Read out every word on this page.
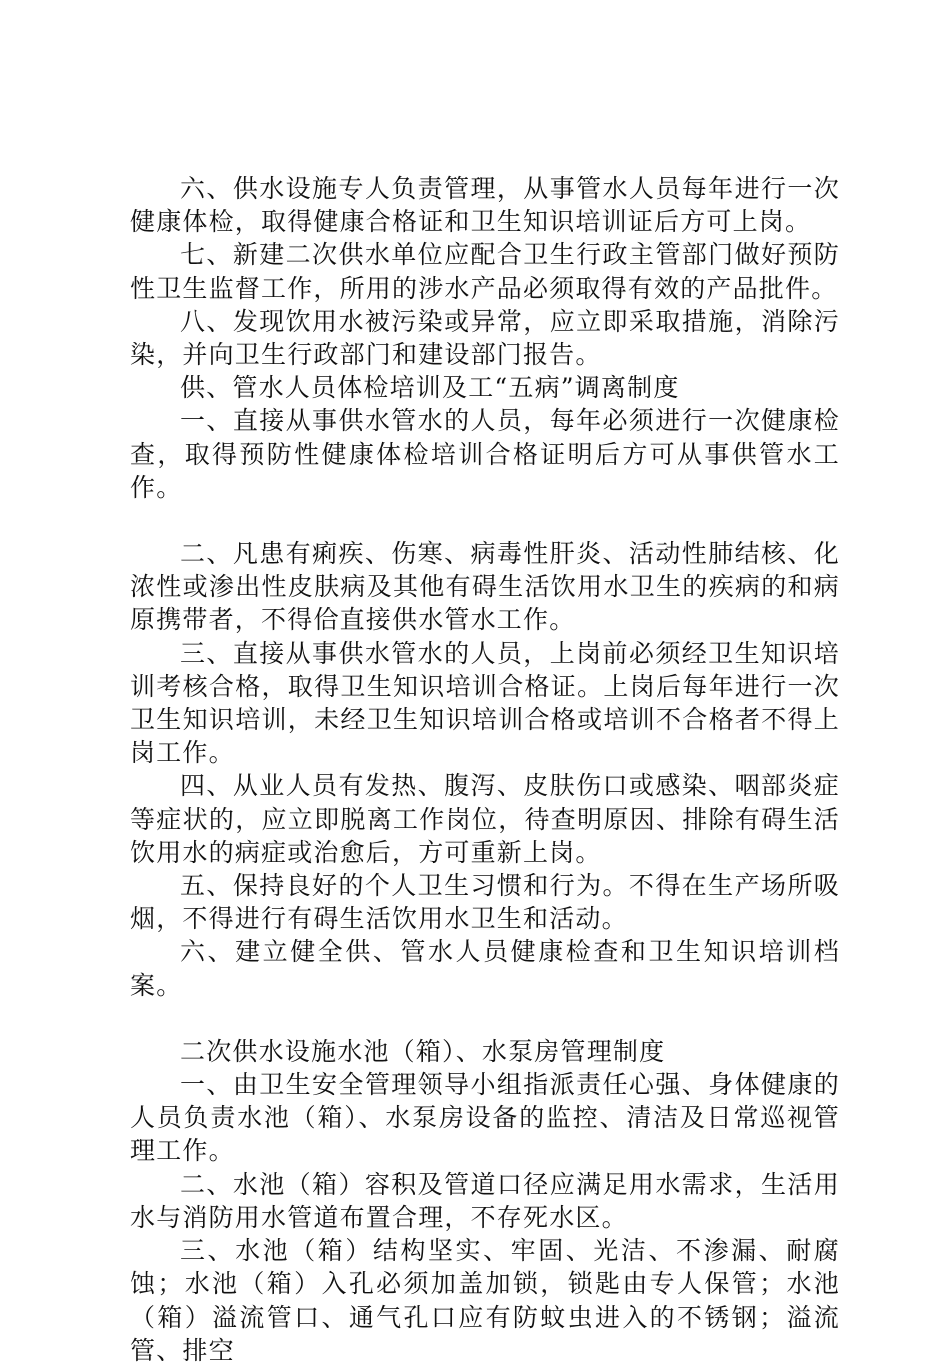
六、供水设施专人负责管理，从事管水人员每年进行一次健康体检，取得健康合格证和卫生知识培训证后方可上岗。

七、新建二次供水单位应配合卫生行政主管部门做好预防性卫生监督工作，所用的涉水产品必须取得有效的产品批件。

八、发现饮用水被污染或异常，应立即采取措施，消除污染，并向卫生行政部门和建设部门报告。

供、管水人员体检培训及工“五病”调离制度

一、直接从事供水管水的人员，每年必须进行一次健康检查，取得预防性健康体检培训合格证明后方可从事供管水工作。

二、凡患有痢疾、伤寒、病毒性肝炎、活动性肺结核、化浓性或渗出性皮肤病及其他有碍生活饮用水卫生的疾病的和病原携带者，不得佮直接供水管水工作。

三、直接从事供水管水的人员，上岗前必须经卫生知识培训考核合格，取得卫生知识培训合格证。上岗后每年进行一次卫生知识培训，未经卫生知识培训合格或培训不合格者不得上岗工作。

四、从业人员有发热、腹泻、皮肤伤口或感染、咽部炎症等症状的，应立即脱离工作岗位，待查明原因、排除有碍生活饮用水的病症或治愈后，方可重新上岗。

五、保持良好的个人卫生习惯和行为。不得在生产场所吸烟，不得进行有碍生活饮用水卫生和活动。

六、建立健全供、管水人员健康检查和卫生知识培训档案。

二次供水设施水池（箱）、水泵房管理制度

一、由卫生安全管理领导小组指派责任心强、身体健康的人员负责水池（箱）、水泵房设备的监控、清洁及日常巡视管理工作。

二、水池（箱）容积及管道口径应满足用水需求，生活用水与消防用水管道布置合理，不存死水区。

三、水池（箱）结构坚实、牢固、光洁、不渗漏、耐腐蚀；水池（箱）入孔必须加盖加锁，锁匙由专人保管；水池（箱）溢流管口、通气孔口应有防蚊虫进入的不锈钢；溢流管、排空
